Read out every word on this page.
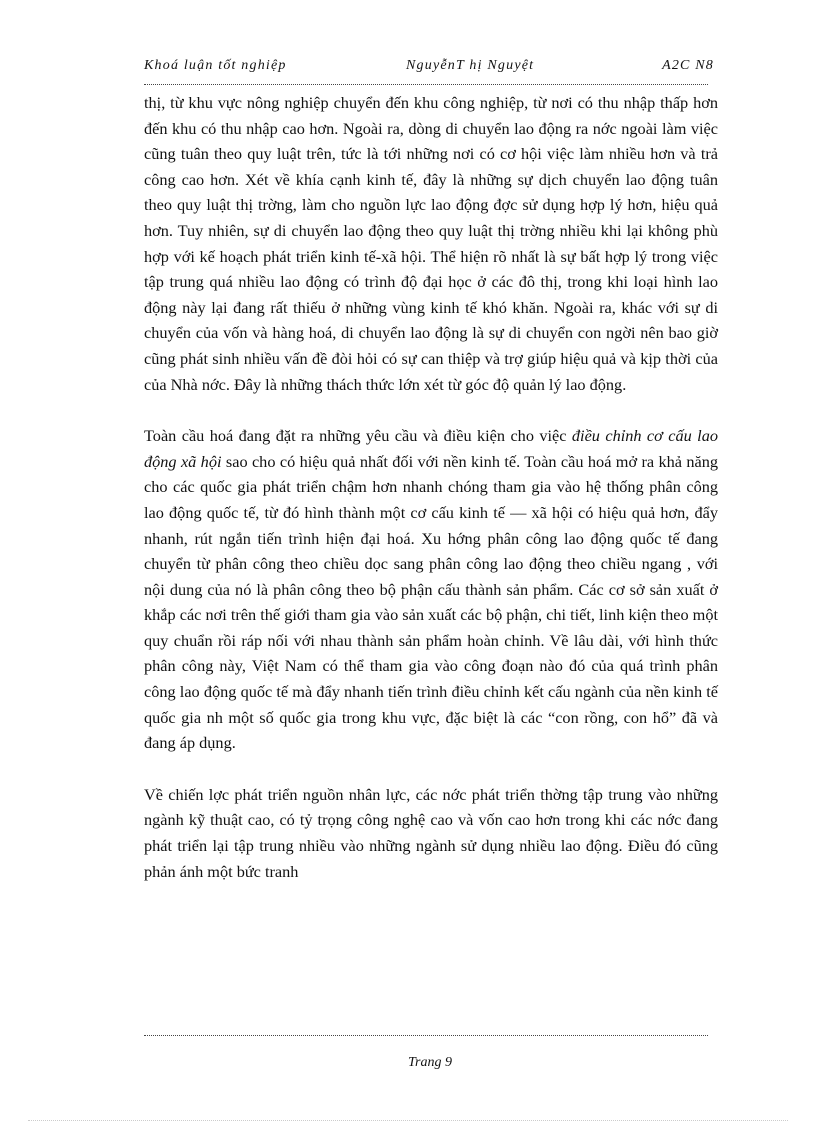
Khoá luận tốt nghiệp	NguyễnT hị Nguyệt	A2C N8

thị, từ khu vực nông nghiệp chuyển đến khu công nghiệp, từ nơi có thu nhập thấp hơn đến khu có thu nhập cao hơn. Ngoài ra, dòng di chuyển lao động ra nớc ngoài làm việc cũng tuân theo quy luật trên, tức là tới những nơi có cơ hội việc làm nhiều hơn và trả công cao hơn. Xét về khía cạnh kinh tế, đây là những sự dịch chuyển lao động tuân theo quy luật thị trờng, làm cho nguồn lực lao động đợc sử dụng hợp lý hơn, hiệu quả hơn. Tuy nhiên, sự di chuyển lao động theo quy luật thị trờng nhiều khi lại không phù hợp với kế hoạch phát triển kinh tế-xã hội. Thể hiện rõ nhất là sự bất hợp lý trong việc tập trung quá nhiều lao động có trình độ đại học ở các đô thị, trong khi loại hình lao động này lại đang rất thiếu ở những vùng kinh tế khó khăn. Ngoài ra, khác với sự di chuyển của vốn và hàng hoá, di chuyển lao động là sự di chuyển con ngời nên bao giờ cũng phát sinh nhiều vấn đề đòi hỏi có sự can thiệp và trợ giúp hiệu quả và kịp thời của của Nhà nớc. Đây là những thách thức lớn xét từ góc độ quản lý lao động.

Toàn cầu hoá đang đặt ra những yêu cầu và điều kiện cho việc điều chỉnh cơ cấu lao động xã hội sao cho có hiệu quả nhất đối với nền kinh tế. Toàn cầu hoá mở ra khả năng cho các quốc gia phát triển chậm hơn nhanh chóng tham gia vào hệ thống phân công lao động quốc tế, từ đó hình thành một cơ cấu kinh tế — xã hội có hiệu quả hơn, đẩy nhanh, rút ngắn tiến trình hiện đại hoá. Xu hớng phân công lao động quốc tế đang chuyển từ phân công theo chiều dọc sang phân công lao động theo chiều ngang , với nội dung của nó là phân công theo bộ phận cấu thành sản phẩm. Các cơ sở sản xuất ở khắp các nơi trên thế giới tham gia vào sản xuất các bộ phận, chi tiết, linh kiện theo một quy chuẩn rồi ráp nối với nhau thành sản phẩm hoàn chỉnh. Về lâu dài, với hình thức phân công này, Việt Nam có thể tham gia vào công đoạn nào đó của quá trình phân công lao động quốc tế mà đẩy nhanh tiến trình điều chỉnh kết cấu ngành của nền kinh tế quốc gia nh một số quốc gia trong khu vực, đặc biệt là các “con rồng, con hổ” đã và đang áp dụng.

Về chiến lợc phát triển nguồn nhân lực, các nớc phát triển thờng tập trung vào những ngành kỹ thuật cao, có tỷ trọng công nghệ cao và vốn cao hơn trong khi các nớc đang phát triển lại tập trung nhiều vào những ngành sử dụng nhiều lao động. Điều đó cũng phản ánh một bức tranh

Trang 9
